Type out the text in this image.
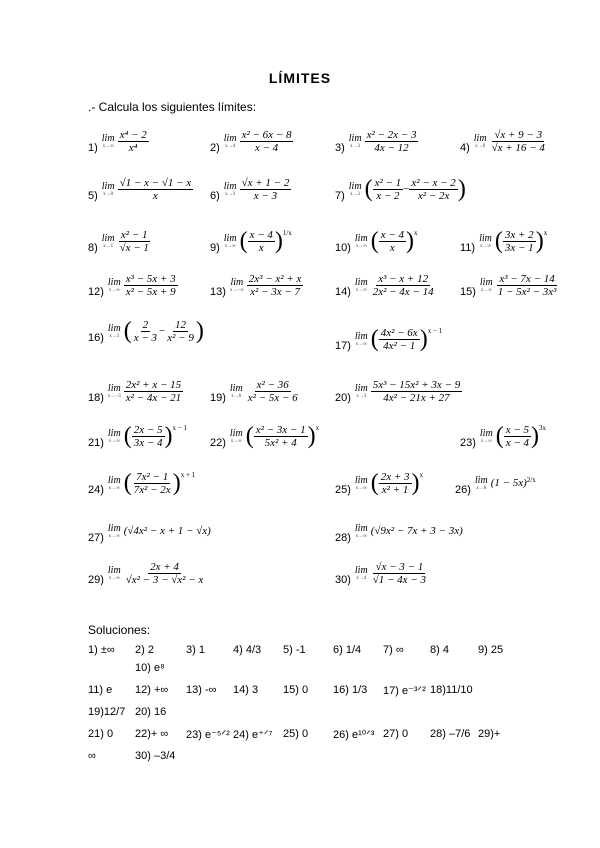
LÍMITES
.- Calcula los siguientes límites:
1)
lim
$x\to\infty \frac{\text{x⁴ − 2}}{\text{x⁴}}$	2)
lim
$x\to 4 \frac{\text{x² − 6x − 8}}{x - 4}$	3)
lim
$x\to 3 \frac{\text{x² − 2x − 3}}{4x - 12}$	4)
lim
$x\to 0 \frac{√x + 9 - 3}{√x + 16 - 4}$
5)
lim
$x\to 0 \frac{√1 - x - √1 - x}{x} 6$)
lim
$x\to 3 \frac{√x + 1 - 2}{x - 3}$	7)
lim
x→2 ( $\frac{\text{x² − 1}}{x - 2} - \frac{\text{x² − x − 2}}{\text{x² − 2x}}$ )
8)
lim
$x\to 1 \frac{\text{x² − 1}}{√x - 1}$	9)
lim
x→∞ ( $\frac{x - 4}{x}$ ) 1/x
10)
lim
x→∞ ( $\frac{x - 4}{x}$ ) x
11)
lim
x→∞ ( $\frac{3x + 2}{3x - 1}$ ) x
12)
lim
$x\to\infty \frac{\text{x³ − 5x + 3}}{\text{x² − 5x + 9}}$	13)
lim
$x\to-\infty \frac{\text{2x³ − x² + x}}{\text{x² − 3x − 7}}$	14)
lim
$x\to\infty \frac{\text{x³ − x + 12}}{\text{2x² − 4x − 14}} 15$)
lim
$x\to\infty \frac{\text{x³ − 7x − 14}}{\text{1 − 5x² − 3x³}}$
16)
lim
x→3 ( $\frac{2}{x - 3} - \frac{12}{\text{x² − 9}}$ )
17)
lim
x→∞ ( $\frac{\text{4x² − 6x}}{\text{4x² − 1}}$ ) x − 1
18)
lim
$x\to-3 \frac{\text{2x² + x − 15}}{\text{x² − 4x − 21}} 19$)
lim
$x\to 6 \frac{\text{x² − 36}}{\text{x² − 5x − 6}}$	20)
lim
$x\to 3 \frac{\text{5x³ − 15x² + 3x − 9}}{\text{4x² − 21x + 27}}$
21)
lim
x→∞ ( $\frac{2x - 5}{3x - 4}$ ) x − 1
22)
lim
x→∞ ( $\frac{\text{x² − 3x − 1}}{\text{5x² + 4}}$ ) x
23)
lim
x→∞ ( $\frac{x - 5}{x - 4}$ ) 3x
24)
lim
x→∞ ( $\frac{\text{7x² − 1}}{\text{7x² − 2x}}$ ) x + 1
25)
lim
x→∞ ( $\frac{2x + 3}{\text{x² + 1}}$ ) x
26)
lim
x→0 (1 − 5x) 2/x
27)
lim
x→∞ (√4x² − x + 1 − √x)
28)
lim
x→∞ (√9x² − 7x + 3 − 3x)
29)
lim
$x\to\infty \frac{2x + 4}{\text{√x² − 3 − √x² − x}}$	30)
lim
$x\to 4 \frac{√x - 3 - 1}{√1 - 4x - 3}$
Soluciones:
1) ±∞ 2) 2	3) 1	4) 4/3 5) -1 6) 1/4 7) ∞ 8) 4	9) 25
10) e⁸
11) e 12) +∞ 13) -∞ 14) 3 15) 0 16) 1/3 17) e⁻³ᐟ² 18)11/10
19)12/7 20) 16
21) 0 22)+ ∞ 23) e⁻⁵ᐟ² 24) e⁺ᐟ⁷ 25) 0 26) e¹⁰ᐟ³ 27) 0 28) –7/6 29)+
∞	30) –3/4
